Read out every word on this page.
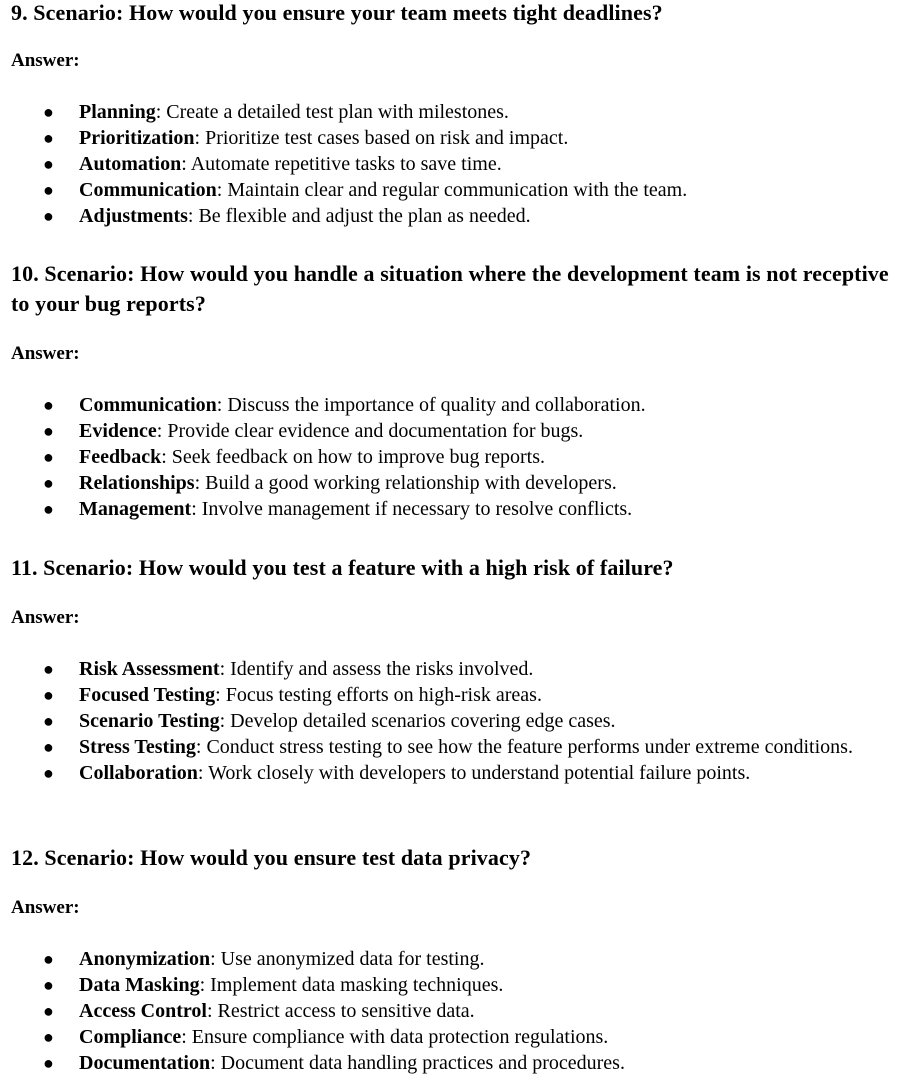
9. Scenario: How would you ensure your team meets tight deadlines?

Answer:

● Planning: Create a detailed test plan with milestones.
● Prioritization: Prioritize test cases based on risk and impact.
● Automation: Automate repetitive tasks to save time.
● Communication: Maintain clear and regular communication with the team.
● Adjustments: Be flexible and adjust the plan as needed.
10. Scenario: How would you handle a situation where the development team is not receptive to your bug reports?

Answer:

● Communication: Discuss the importance of quality and collaboration.
● Evidence: Provide clear evidence and documentation for bugs.
● Feedback: Seek feedback on how to improve bug reports.
● Relationships: Build a good working relationship with developers.
● Management: Involve management if necessary to resolve conflicts.
11. Scenario: How would you test a feature with a high risk of failure?

Answer:

● Risk Assessment: Identify and assess the risks involved.
● Focused Testing: Focus testing efforts on high-risk areas.
● Scenario Testing: Develop detailed scenarios covering edge cases.
● Stress Testing: Conduct stress testing to see how the feature performs under extreme conditions.
● Collaboration: Work closely with developers to understand potential failure points.
12. Scenario: How would you ensure test data privacy?

Answer:

● Anonymization: Use anonymized data for testing.
● Data Masking: Implement data masking techniques.
● Access Control: Restrict access to sensitive data.
● Compliance: Ensure compliance with data protection regulations.
● Documentation: Document data handling practices and procedures.
